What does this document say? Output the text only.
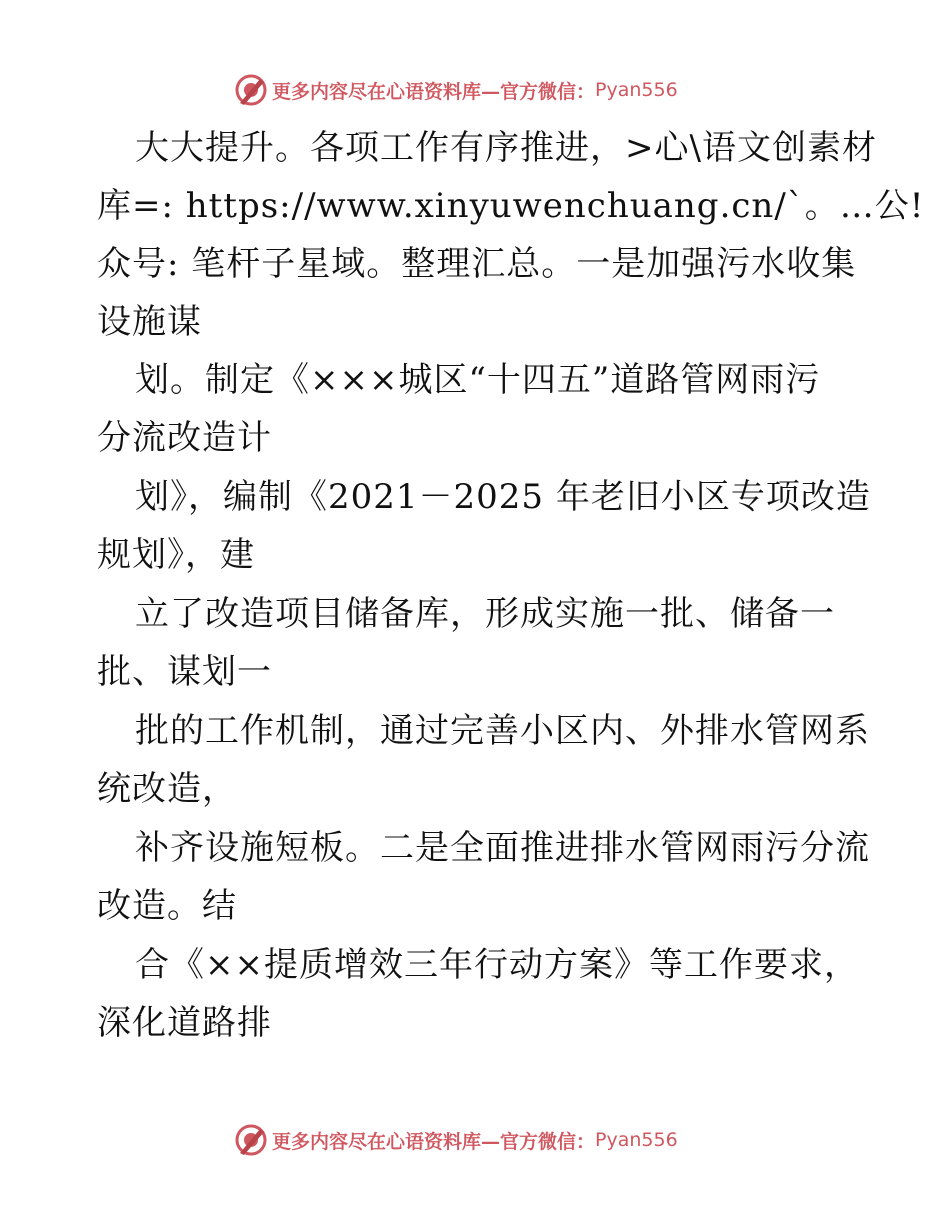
更多内容尽在心语资料库—官方微信： Pyan556
大大提升。各项工作有序推进，>心\语文创素材
库=: https://www.xinyuwenchuang.cn/`。…公!
众号: 笔杆子星域。整理汇总。一是加强污水收集
设施谋
划。制定《×××城区“十四五”道路管网雨污
分流改造计
划》，编制《2021－2025 年老旧小区专项改造
规划》，建
立了改造项目储备库，形成实施一批、储备一
批、谋划一
批的工作机制，通过完善小区内、外排水管网系
统改造，
补齐设施短板。二是全面推进排水管网雨污分流
改造。结
合《××提质增效三年行动方案》等工作要求，
深化道路排
更多内容尽在心语资料库—官方微信： Pyan556
